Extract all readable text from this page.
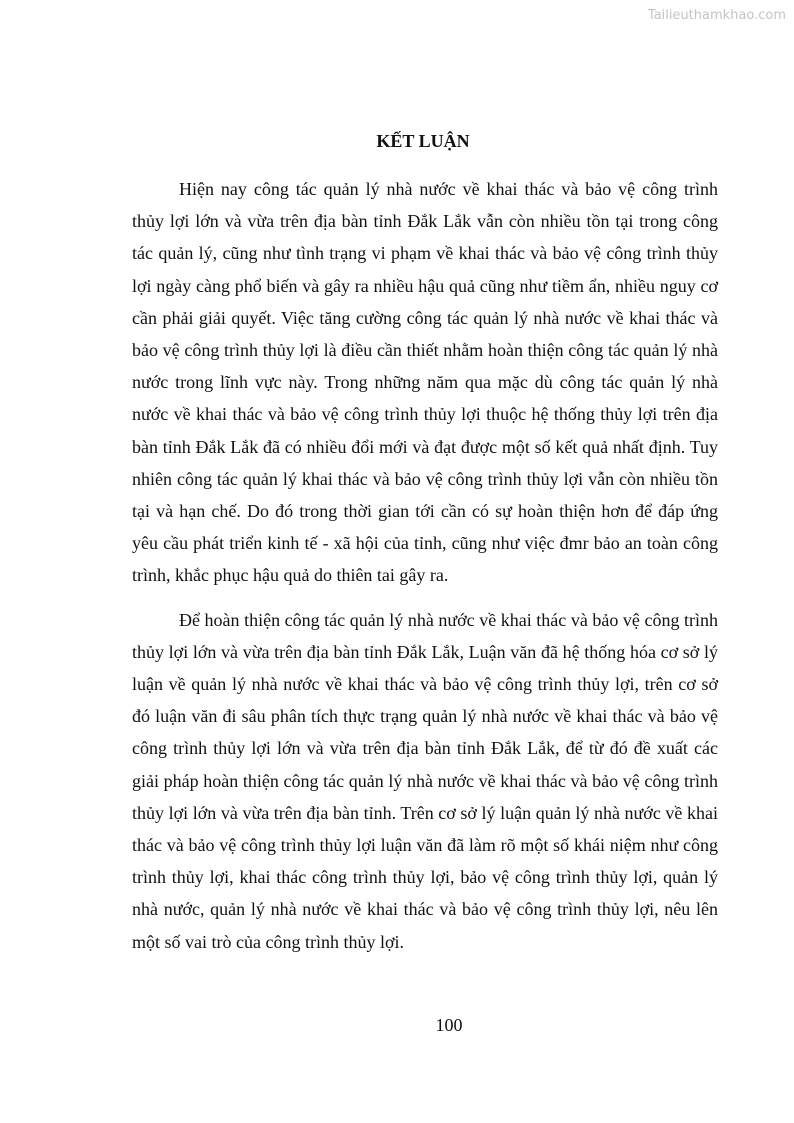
Tailieuthamkhao.com
KẾT LUẬN

Hiện nay công tác quản lý nhà nước về khai thác và bảo vệ công trình thủy lợi lớn và vừa trên địa bàn tỉnh Đắk Lắk vẫn còn nhiều tồn tại trong công tác quản lý, cũng như tình trạng vi phạm về khai thác và bảo vệ công trình thủy lợi ngày càng phổ biến và gây ra nhiều hậu quả cũng như tiềm ẩn, nhiều nguy cơ cần phải giải quyết. Việc tăng cường công tác quản lý nhà nước về khai thác và bảo vệ công trình thủy lợi là điều cần thiết nhằm hoàn thiện công tác quản lý nhà nước trong lĩnh vực này. Trong những năm qua mặc dù công tác quản lý nhà nước về khai thác và bảo vệ công trình thủy lợi thuộc hệ thống thủy lợi trên địa bàn tỉnh Đắk Lắk đã có nhiều đổi mới và đạt được một số kết quả nhất định. Tuy nhiên công tác quản lý khai thác và bảo vệ công trình thủy lợi vẫn còn nhiều tồn tại và hạn chế. Do đó trong thời gian tới cần có sự hoàn thiện hơn để đáp ứng yêu cầu phát triển kinh tế - xã hội của tỉnh, cũng như việc đmr bảo an toàn công trình, khắc phục hậu quả do thiên tai gây ra.

Để hoàn thiện công tác quản lý nhà nước về khai thác và bảo vệ công trình thủy lợi lớn và vừa trên địa bàn tỉnh Đắk Lắk, Luận văn đã hệ thống hóa cơ sở lý luận về quản lý nhà nước về khai thác và bảo vệ công trình thủy lợi, trên cơ sở đó luận văn đi sâu phân tích thực trạng quản lý nhà nước về khai thác và bảo vệ công trình thủy lợi lớn và vừa trên địa bàn tỉnh Đắk Lắk, để từ đó đề xuất các giải pháp hoàn thiện công tác quản lý nhà nước về khai thác và bảo vệ công trình thủy lợi lớn và vừa trên địa bàn tỉnh. Trên cơ sở lý luận quản lý nhà nước về khai thác và bảo vệ công trình thủy lợi luận văn đã làm rõ một số khái niệm như công trình thủy lợi, khai thác công trình thủy lợi, bảo vệ công trình thủy lợi, quản lý nhà nước, quản lý nhà nước về khai thác và bảo vệ công trình thủy lợi, nêu lên một số vai trò của công trình thủy lợi.

100
